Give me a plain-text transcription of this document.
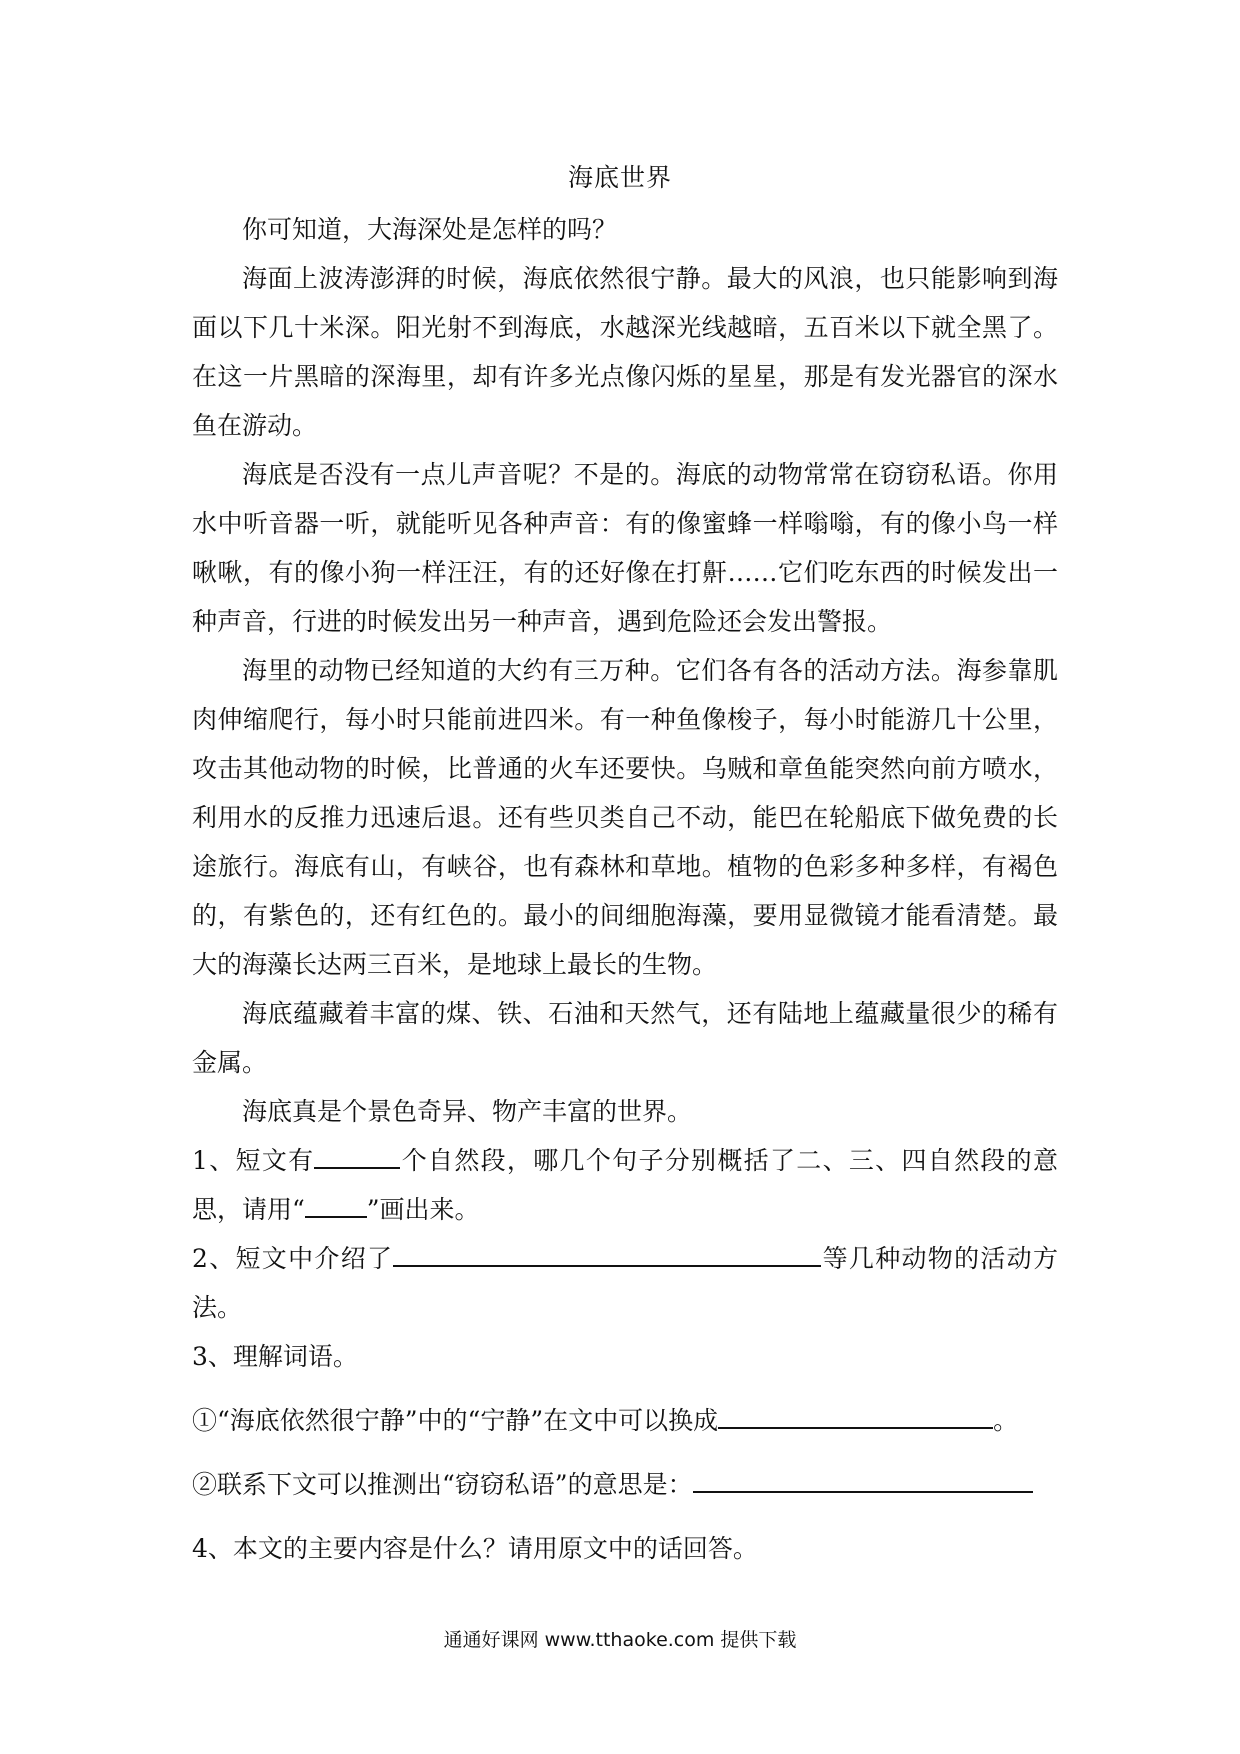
海底世界

你可知道，大海深处是怎样的吗？

海面上波涛澎湃的时候，海底依然很宁静。最大的风浪，也只能影响到海面以下几十米深。阳光射不到海底，水越深光线越暗，五百米以下就全黑了。在这一片黑暗的深海里，却有许多光点像闪烁的星星，那是有发光器官的深水鱼在游动。

海底是否没有一点儿声音呢？不是的。海底的动物常常在窃窃私语。你用水中听音器一听，就能听见各种声音：有的像蜜蜂一样嗡嗡，有的像小鸟一样啾啾，有的像小狗一样汪汪，有的还好像在打鼾……它们吃东西的时候发出一种声音，行进的时候发出另一种声音，遇到危险还会发出警报。

海里的动物已经知道的大约有三万种。它们各有各的活动方法。海参靠肌肉伸缩爬行，每小时只能前进四米。有一种鱼像梭子，每小时能游几十公里，攻击其他动物的时候，比普通的火车还要快。乌贼和章鱼能突然向前方喷水，利用水的反推力迅速后退。还有些贝类自己不动，能巴在轮船底下做免费的长途旅行。海底有山，有峡谷，也有森林和草地。植物的色彩多种多样，有褐色的，有紫色的，还有红色的。最小的间细胞海藻，要用显微镜才能看清楚。最大的海藻长达两三百米，是地球上最长的生物。

海底蕴藏着丰富的煤、铁、石油和天然气，还有陆地上蕴藏量很少的稀有金属。

海底真是个景色奇异、物产丰富的世界。

1、短文有	个自然段，哪几个句子分别概括了二、三、四自然段的意思，请用“ ”画出来。

2、短文中介绍了	等几种动物的活动方法。

3、理解词语。

①“海底依然很宁静”中的“宁静”在文中可以换成	。

②联系下文可以推测出“窃窃私语”的意思是：

4、本文的主要内容是什么？请用原文中的话回答。

通通好课网 www.tthaoke.com 提供下载
